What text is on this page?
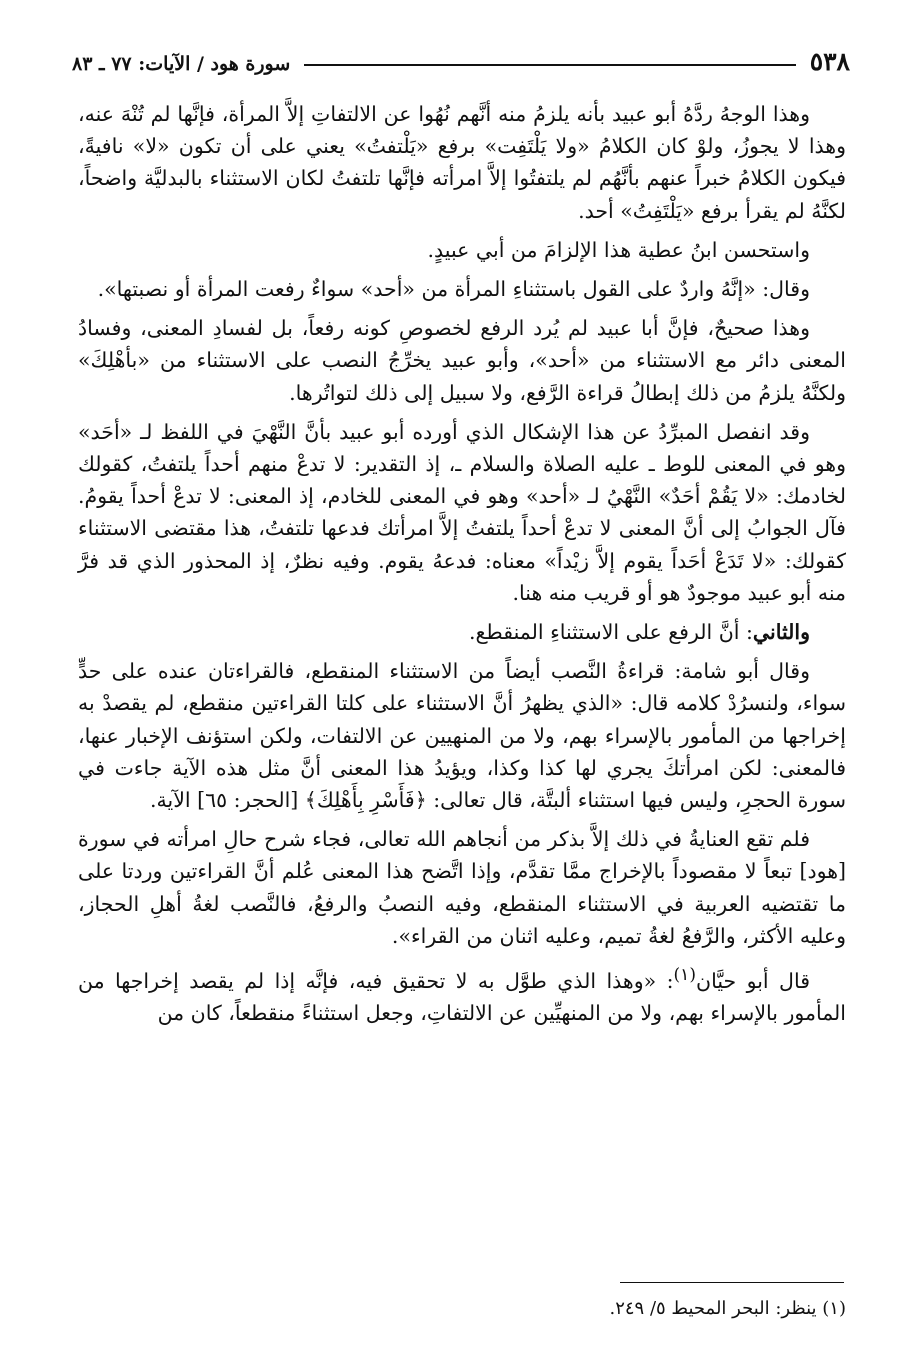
٥٣٨
سورة هود / الآيات: ٧٧ ـ ٨٣

وهذا الوجهُ ردَّهُ أبو عبيد بأنه يلزمُ منه أنَّهم نُهُوا عن الالتفاتِ إلاَّ المرأة، فإنَّها لم تُنْهَ عنه، وهذا لا يجوزُ، ولوْ كان الكلامُ «ولا يَلْتَفِت» برفع «يَلْتفتُ» يعني على أن تكون «لا» نافيةً، فيكون الكلامُ خبراً عنهم بأنَّهُم لم يلتفتُوا إلاَّ امرأته فإنَّها تلتفتُ لكان الاستثناء بالبدليَّة واضحاً، لكنَّهُ لم يقرأ برفع «يَلْتَفِتُ» أحد.

واستحسن ابنُ عطية هذا الإلزامَ من أبي عبيدٍ.

وقال: «إنَّهُ واردٌ على القول باستثناءِ المرأة من «أحد» سواءٌ رفعت المرأة أو نصبتها».

وهذا صحيحٌ، فإنَّ أبا عبيد لم يُرد الرفع لخصوصِ كونه رفعاً، بل لفسادِ المعنى، وفسادُ المعنى دائر مع الاستثناء من «أحد»، وأبو عبيد يخرِّجُ النصب على الاستثناء من «بأهْلِكَ» ولكنَّهُ يلزمُ من ذلك إبطالُ قراءة الرَّفع، ولا سبيل إلى ذلك لتواتُرها.

وقد انفصل المبرِّدُ عن هذا الإشكال الذي أورده أبو عبيد بأنَّ النَّهْيَ في اللفظ لـ «أحَد» وهو في المعنى للوط ـ عليه الصلاة والسلام ـ، إذ التقدير: لا تدعْ منهم أحداً يلتفتُ، كقولك لخادمك: «لا يَقُمْ أحَدٌ» النَّهْيُ لـ «أحد» وهو في المعنى للخادم، إذ المعنى: لا تدعْ أحداً يقومُ. فآل الجوابُ إلى أنَّ المعنى لا تدعْ أحداً يلتفتُ إلاَّ امرأتك فدعها تلتفتُ، هذا مقتضى الاستثناء كقولك: «لا تَدَعْ أحَداً يقوم إلاَّ زيْداً» معناه: فدعهُ يقوم. وفيه نظرٌ، إذ المحذور الذي قد فرَّ منه أبو عبيد موجودٌ هو أو قريب منه هنا.

والثاني: أنَّ الرفع على الاستثناءِ المنقطع.

وقال أبو شامة: قراءةُ النَّصب أيضاً من الاستثناء المنقطع، فالقراءتان عنده على حدٍّ سواء، ولنسرُدْ كلامه قال: «الذي يظهرُ أنَّ الاستثناء على كلتا القراءتين منقطع، لم يقصدْ به إخراجها من المأمور بالإسراء بهم، ولا من المنهيين عن الالتفات، ولكن استؤنف الإخبار عنها، فالمعنى: لكن امرأتكَ يجري لها كذا وكذا، ويؤيدُ هذا المعنى أنَّ مثل هذه الآية جاءت في سورة الحجرِ، وليس فيها استثناء ألبتَّة، قال تعالى: ﴿فَأَسْرِ بِأَهْلِكَ﴾ [الحجر: ٦٥] الآية.

فلم تقع العنايةُ في ذلك إلاَّ بذكر من أنجاهم الله تعالى، فجاء شرح حالِ امرأته في سورة [هود] تبعاً لا مقصوداً بالإخراج ممَّا تقدَّم، وإذا اتَّضح هذا المعنى عُلم أنَّ القراءتين وردتا على ما تقتضيه العربية في الاستثناء المنقطع، وفيه النصبُ والرفعُ، فالنَّصب لغةُ أهلِ الحجاز، وعليه الأكثر، والرَّفعُ لغةُ تميم، وعليه اثنان من القراء».

قال أبو حيَّان$^{(١)}$: «وهذا الذي طوَّل به لا تحقيق فيه، فإنَّه إذا لم يقصد إخراجها من المأمور بالإسراء بهم، ولا من المنهيِّين عن الالتفاتِ، وجعل استثناءً منقطعاً، كان من

(١) ينظر: البحر المحيط ٥/ ٢٤٩.
